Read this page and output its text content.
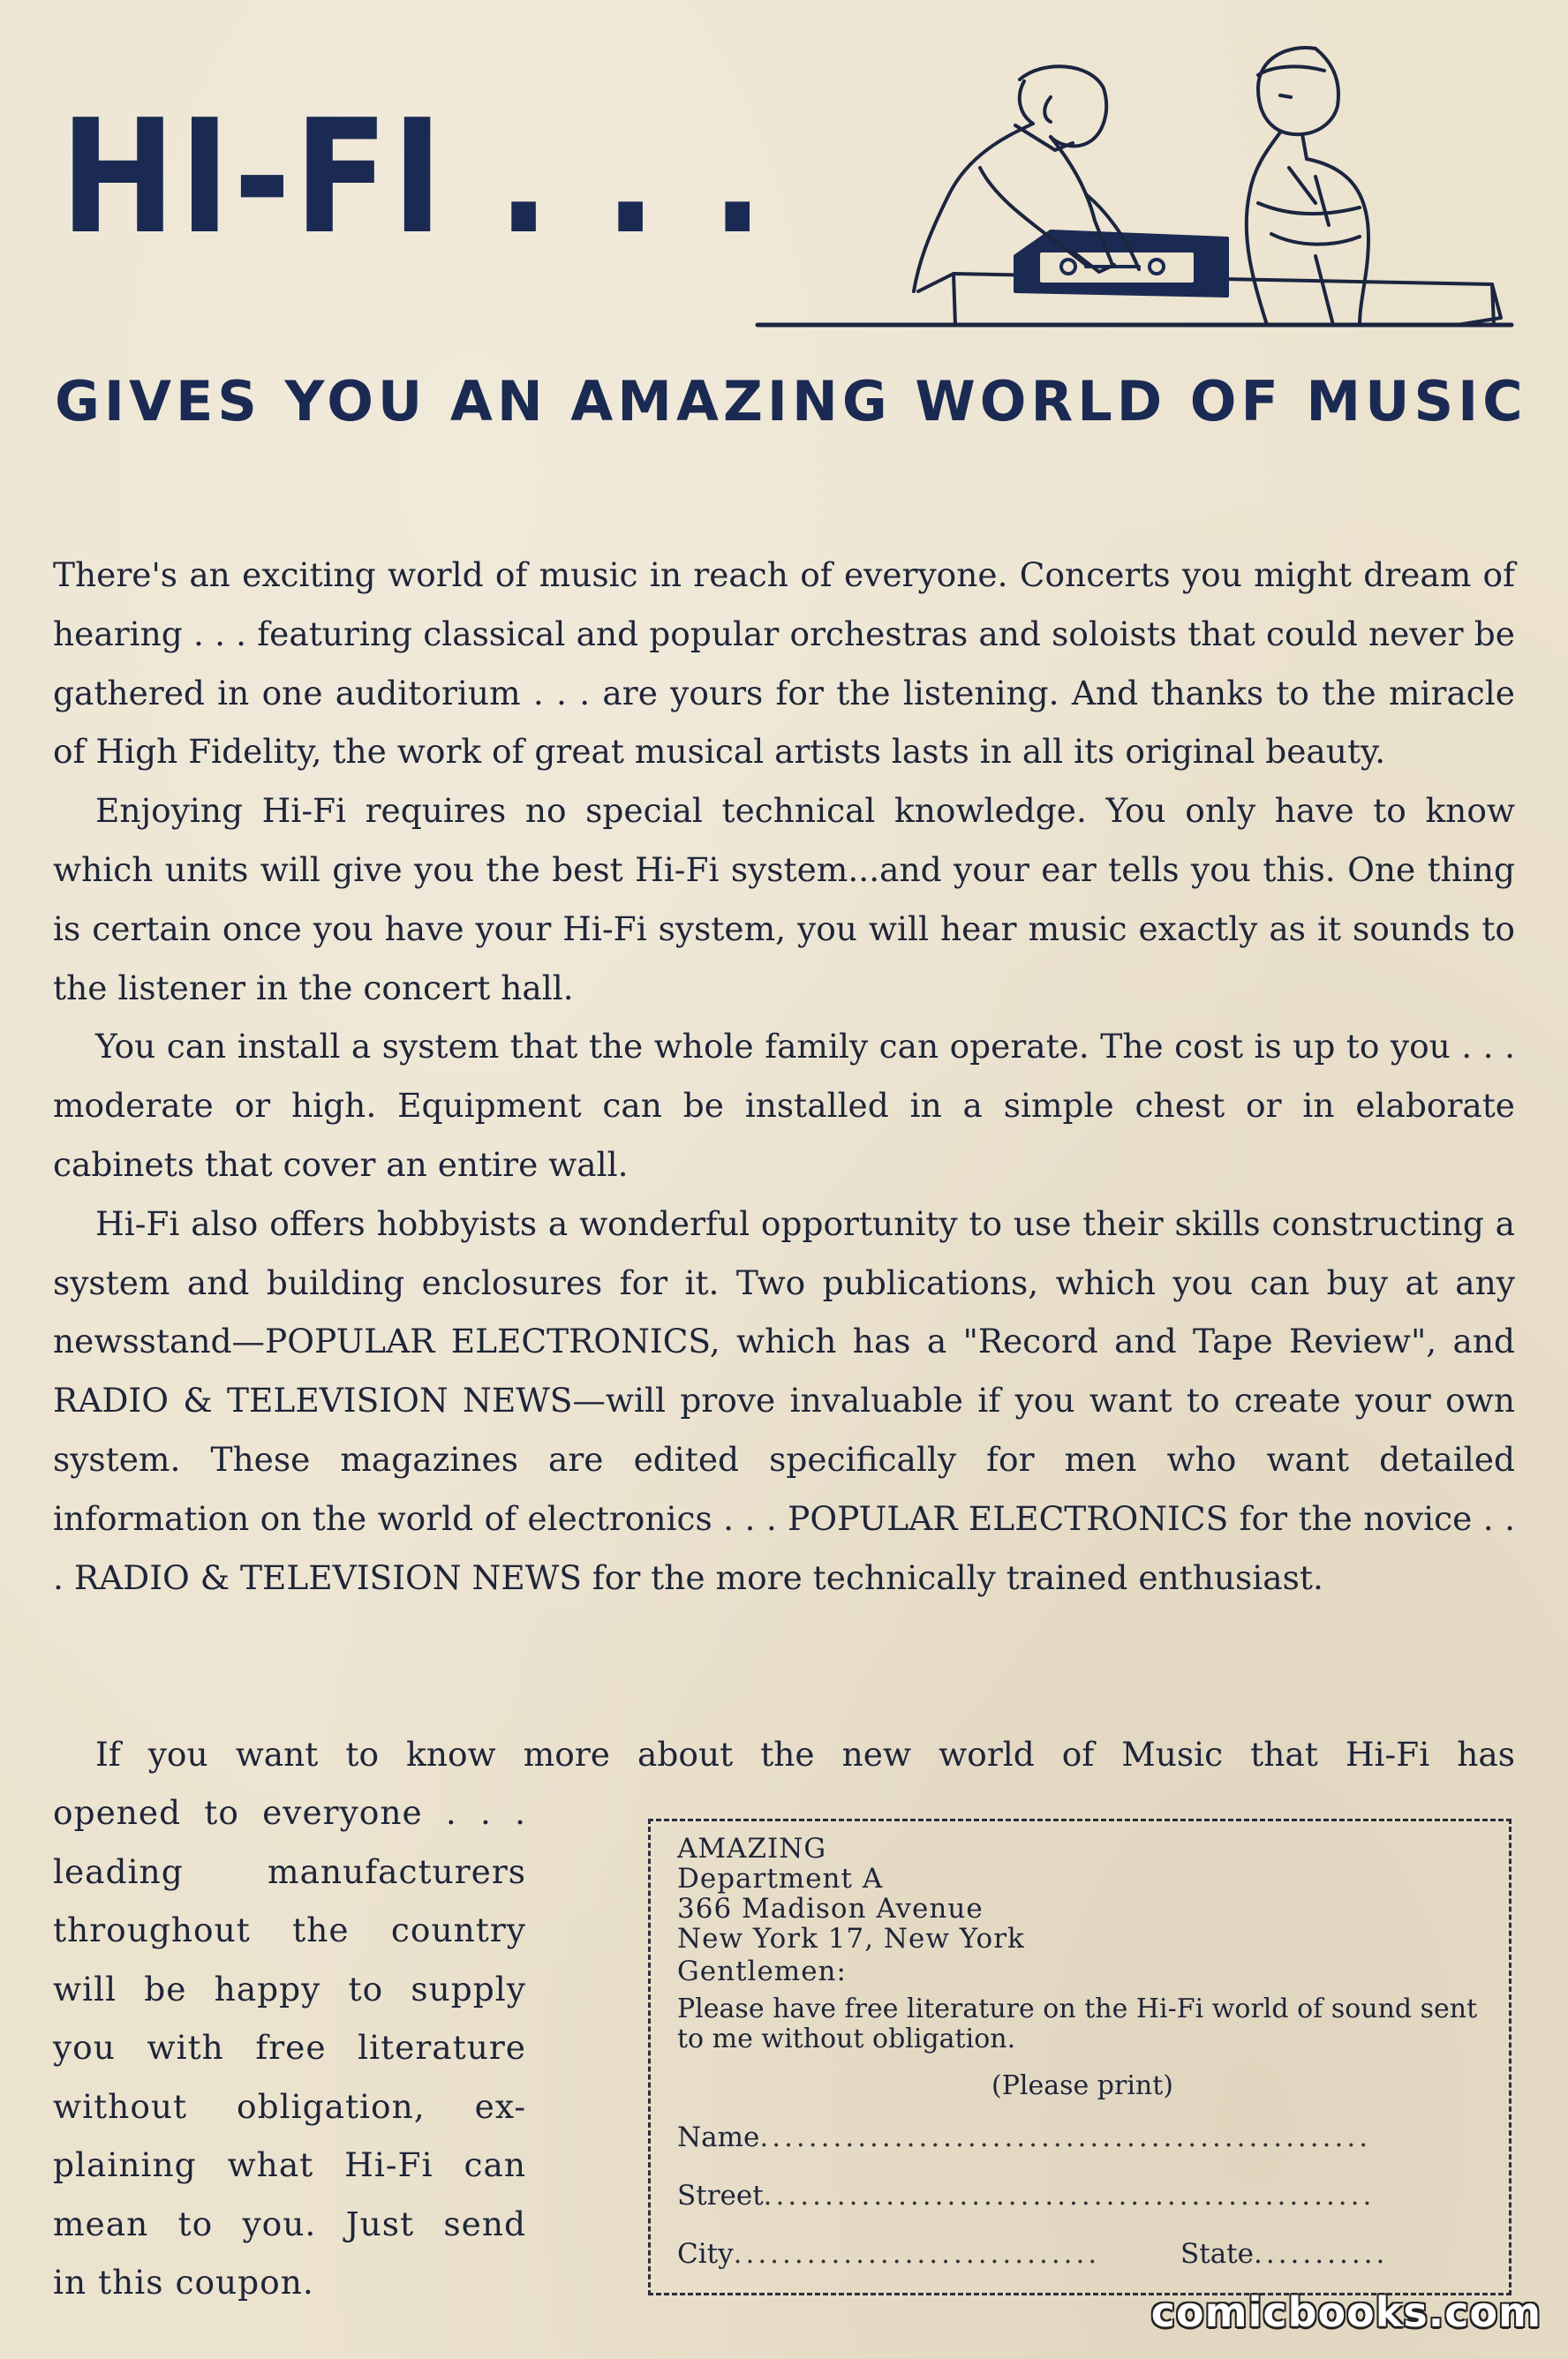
HI-FI . . .
GIVES YOU AN AMAZING WORLD OF MUSIC

There's an exciting world of music in reach of everyone. Concerts you might dream of hearing . . . featuring classical and popular orchestras and soloists that could never be gathered in one auditorium . . . are yours for the listening. And thanks to the miracle of High Fidelity, the work of great musical artists lasts in all its original beauty.

Enjoying Hi-Fi requires no special technical knowledge. You only have to know which units will give you the best Hi-Fi system...and your ear tells you this. One thing is certain once you have your Hi-Fi system, you will hear music exactly as it sounds to the listener in the concert hall.

You can install a system that the whole family can operate. The cost is up to you . . . moderate or high. Equipment can be installed in a simple chest or in elaborate cabinets that cover an entire wall.

Hi-Fi also offers hobbyists a wonderful opportunity to use their skills constructing a system and building enclosures for it. Two publications, which you can buy at any newsstand—POPULAR ELECTRONICS, which has a "Record and Tape Review", and RADIO & TELEVISION NEWS—will prove invaluable if you want to create your own system. These magazines are edited specifically for men who want detailed information on the world of electronics . . . POPULAR ELECTRONICS for the novice . . . RADIO & TELEVISION NEWS for the more technically trained enthusiast.

If you want to know more about the new world of Music that Hi-Fi has

opened to everyone . . .
leading manufacturers
throughout the country
will be happy to supply
you with free literature
without obligation, ex-
plaining what Hi-Fi can
mean to you. Just send
in this coupon.
AMAZING
Department A
366 Madison Avenue
New York 17, New York
Gentlemen:
Please have free literature on the Hi-Fi world of sound sent to me without obligation.
(Please print)
Name..................................................
Street..................................................
City..............................	State...........
comicbooks.com
